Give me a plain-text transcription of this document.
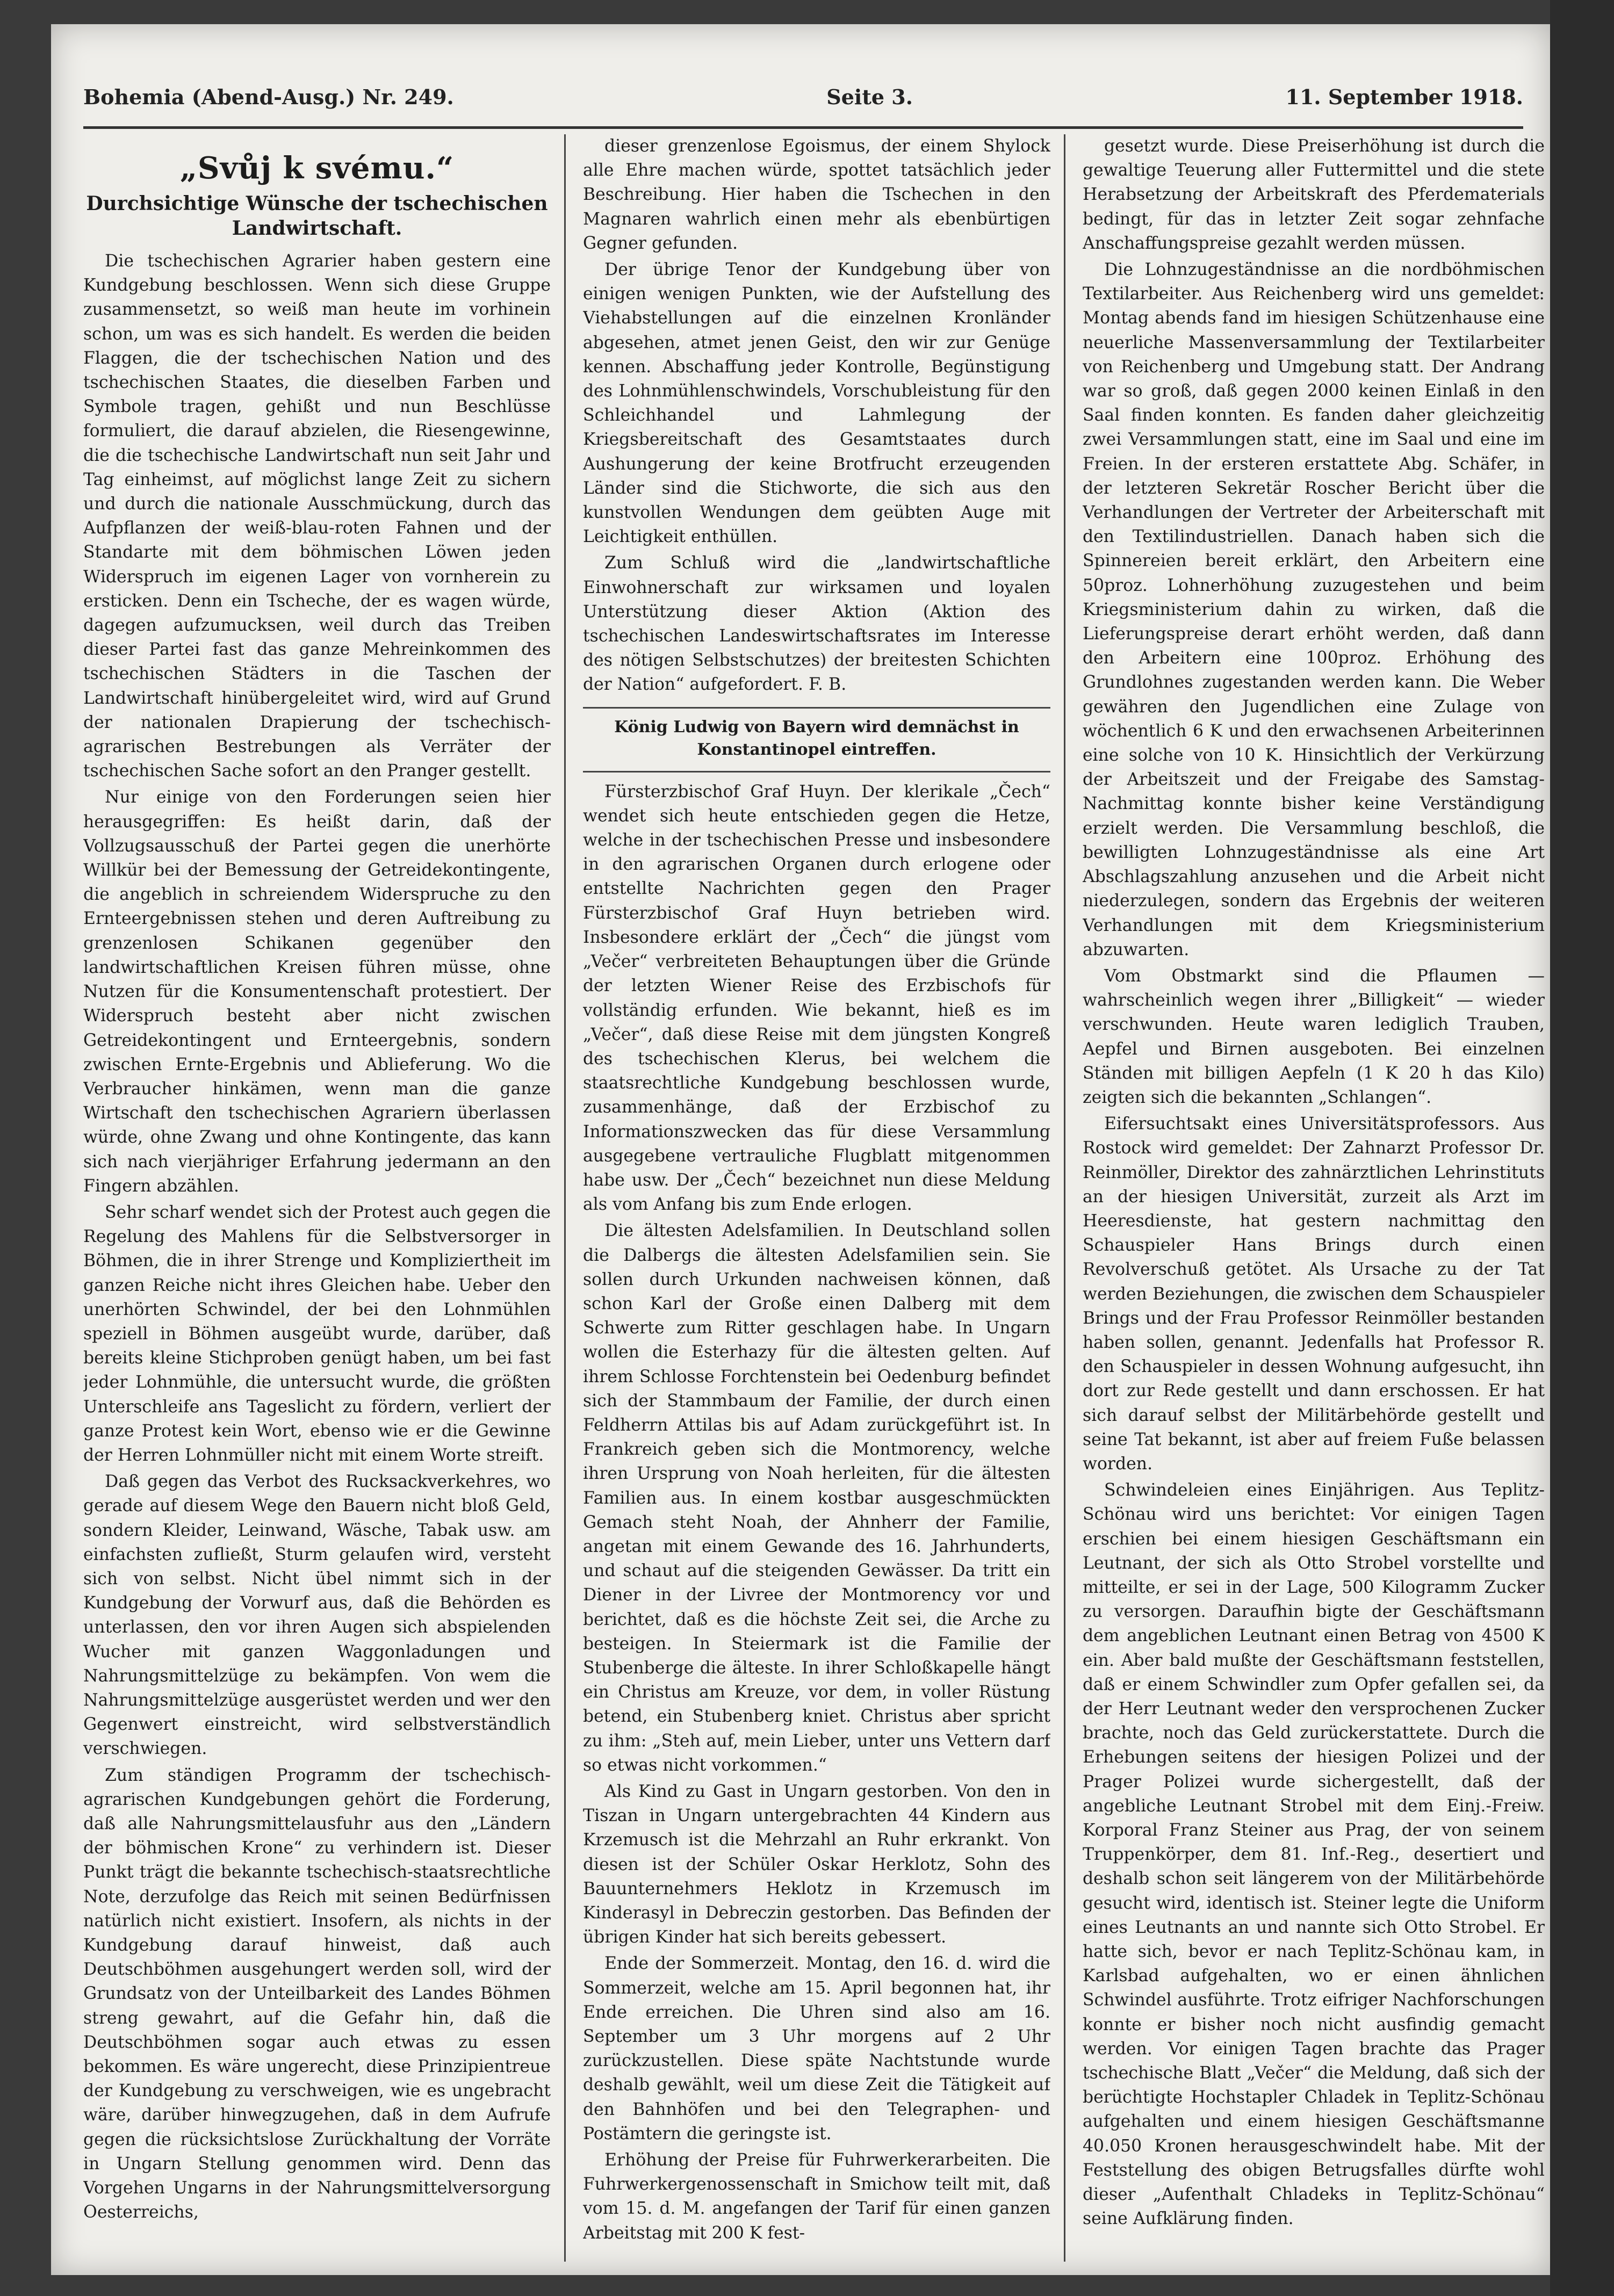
Bohemia (Abend-Ausg.) Nr. 249.	Seite 3.	11. September 1918.
„Svůj k svému.“
Durchsichtige Wünsche der tschechischen Landwirtschaft.

Die tschechischen Agrarier haben gestern eine Kundgebung beschlossen. Wenn sich diese Gruppe zusammensetzt, so weiß man heute im vorhinein schon, um was es sich handelt. Es werden die beiden Flaggen, die der tschechischen Nation und des tschechischen Staates, die dieselben Farben und Symbole tragen, gehißt und nun Beschlüsse formuliert, die darauf abzielen, die Riesengewinne, die die tschechische Landwirtschaft nun seit Jahr und Tag einheimst, auf möglichst lange Zeit zu sichern und durch die nationale Ausschmückung, durch das Aufpflanzen der weiß-blau-roten Fahnen und der Standarte mit dem böhmischen Löwen jeden Widerspruch im eigenen Lager von vornherein zu ersticken. Denn ein Tscheche, der es wagen würde, dagegen aufzumucksen, weil durch das Treiben dieser Partei fast das ganze Mehreinkommen des tschechischen Städters in die Taschen der Landwirtschaft hinübergeleitet wird, wird auf Grund der nationalen Drapierung der tschechisch-agrarischen Bestrebungen als Verräter der tschechischen Sache sofort an den Pranger gestellt.

Nur einige von den Forderungen seien hier herausgegriffen: Es heißt darin, daß der Vollzugsausschuß der Partei gegen die unerhörte Willkür bei der Bemessung der Getreidekontingente, die angeblich in schreiendem Widerspruche zu den Ernteergebnissen stehen und deren Auftreibung zu grenzenlosen Schikanen gegenüber den landwirtschaftlichen Kreisen führen müsse, ohne Nutzen für die Konsumentenschaft protestiert. Der Widerspruch besteht aber nicht zwischen Getreidekontingent und Ernteergebnis, sondern zwischen Ernte-Ergebnis und Ablieferung. Wo die Verbraucher hinkämen, wenn man die ganze Wirtschaft den tschechischen Agrariern überlassen würde, ohne Zwang und ohne Kontingente, das kann sich nach vierjähriger Erfahrung jedermann an den Fingern abzählen.

Sehr scharf wendet sich der Protest auch gegen die Regelung des Mahlens für die Selbstversorger in Böhmen, die in ihrer Strenge und Kompliziertheit im ganzen Reiche nicht ihres Gleichen habe. Ueber den unerhörten Schwindel, der bei den Lohnmühlen speziell in Böhmen ausgeübt wurde, darüber, daß bereits kleine Stichproben genügt haben, um bei fast jeder Lohnmühle, die untersucht wurde, die größten Unterschleife ans Tageslicht zu fördern, verliert der ganze Protest kein Wort, ebenso wie er die Gewinne der Herren Lohnmüller nicht mit einem Worte streift.

Daß gegen das Verbot des Rucksackverkehres, wo gerade auf diesem Wege den Bauern nicht bloß Geld, sondern Kleider, Leinwand, Wäsche, Tabak usw. am einfachsten zufließt, Sturm gelaufen wird, versteht sich von selbst. Nicht übel nimmt sich in der Kundgebung der Vorwurf aus, daß die Behörden es unterlassen, den vor ihren Augen sich abspielenden Wucher mit ganzen Waggonladungen und Nahrungsmittelzüge zu bekämpfen. Von wem die Nahrungsmittelzüge ausgerüstet werden und wer den Gegenwert einstreicht, wird selbstverständlich verschwiegen.

Zum ständigen Programm der tschechisch-agrarischen Kundgebungen gehört die Forderung, daß alle Nahrungsmittelausfuhr aus den „Ländern der böhmischen Krone“ zu verhindern ist. Dieser Punkt trägt die bekannte tschechisch-staatsrechtliche Note, derzufolge das Reich mit seinen Bedürfnissen natürlich nicht existiert. Insofern, als nichts in der Kundgebung darauf hinweist, daß auch Deutschböhmen ausgehungert werden soll, wird der Grundsatz von der Unteilbarkeit des Landes Böhmen streng gewahrt, auf die Gefahr hin, daß die Deutschböhmen sogar auch etwas zu essen bekommen. Es wäre ungerecht, diese Prinzipientreue der Kundgebung zu verschweigen, wie es ungebracht wäre, darüber hinwegzugehen, daß in dem Aufrufe gegen die rücksichtslose Zurückhaltung der Vorräte in Ungarn Stellung genommen wird. Denn das Vorgehen Ungarns in der Nahrungsmittelversorgung Oesterreichs,

dieser grenzenlose Egoismus, der einem Shylock alle Ehre machen würde, spottet tatsächlich jeder Beschreibung. Hier haben die Tschechen in den Magnaren wahrlich einen mehr als ebenbürtigen Gegner gefunden.

Der übrige Tenor der Kundgebung über von einigen wenigen Punkten, wie der Aufstellung des Viehabstellungen auf die einzelnen Kronländer abgesehen, atmet jenen Geist, den wir zur Genüge kennen. Abschaffung jeder Kontrolle, Begünstigung des Lohnmühlenschwindels, Vorschubleistung für den Schleichhandel und Lahmlegung der Kriegsbereitschaft des Gesamtstaates durch Aushungerung der keine Brotfrucht erzeugenden Länder sind die Stichworte, die sich aus den kunstvollen Wendungen dem geübten Auge mit Leichtigkeit enthüllen.

Zum Schluß wird die „landwirtschaftliche Einwohnerschaft zur wirksamen und loyalen Unterstützung dieser Aktion (Aktion des tschechischen Landeswirtschaftsrates im Interesse des nötigen Selbstschutzes) der breitesten Schichten der Nation“ aufgefordert. F. B.

König Ludwig von Bayern wird demnächst in Konstantinopel eintreffen.

Fürsterzbischof Graf Huyn. Der klerikale „Čech“ wendet sich heute entschieden gegen die Hetze, welche in der tschechischen Presse und insbesondere in den agrarischen Organen durch erlogene oder entstellte Nachrichten gegen den Prager Fürsterzbischof Graf Huyn betrieben wird. Insbesondere erklärt der „Čech“ die jüngst vom „Večer“ verbreiteten Behauptungen über die Gründe der letzten Wiener Reise des Erzbischofs für vollständig erfunden. Wie bekannt, hieß es im „Večer“, daß diese Reise mit dem jüngsten Kongreß des tschechischen Klerus, bei welchem die staatsrechtliche Kundgebung beschlossen wurde, zusammenhänge, daß der Erzbischof zu Informationszwecken das für diese Versammlung ausgegebene vertrauliche Flugblatt mitgenommen habe usw. Der „Čech“ bezeichnet nun diese Meldung als vom Anfang bis zum Ende erlogen.

Die ältesten Adelsfamilien. In Deutschland sollen die Dalbergs die ältesten Adelsfamilien sein. Sie sollen durch Urkunden nachweisen können, daß schon Karl der Große einen Dalberg mit dem Schwerte zum Ritter geschlagen habe. In Ungarn wollen die Esterhazy für die ältesten gelten. Auf ihrem Schlosse Forchtenstein bei Oedenburg befindet sich der Stammbaum der Familie, der durch einen Feldherrn Attilas bis auf Adam zurückgeführt ist. In Frankreich geben sich die Montmorency, welche ihren Ursprung von Noah herleiten, für die ältesten Familien aus. In einem kostbar ausgeschmückten Gemach steht Noah, der Ahnherr der Familie, angetan mit einem Gewande des 16. Jahrhunderts, und schaut auf die steigenden Gewässer. Da tritt ein Diener in der Livree der Montmorency vor und berichtet, daß es die höchste Zeit sei, die Arche zu besteigen. In Steiermark ist die Familie der Stubenberge die älteste. In ihrer Schloßkapelle hängt ein Christus am Kreuze, vor dem, in voller Rüstung betend, ein Stubenberg kniet. Christus aber spricht zu ihm: „Steh auf, mein Lieber, unter uns Vettern darf so etwas nicht vorkommen.“

Als Kind zu Gast in Ungarn gestorben. Von den in Tiszan in Ungarn untergebrachten 44 Kindern aus Krzemusch ist die Mehrzahl an Ruhr erkrankt. Von diesen ist der Schüler Oskar Herklotz, Sohn des Bauunternehmers Heklotz in Krzemusch im Kinderasyl in Debreczin gestorben. Das Befinden der übrigen Kinder hat sich bereits gebessert.

Ende der Sommerzeit. Montag, den 16. d. wird die Sommerzeit, welche am 15. April begonnen hat, ihr Ende erreichen. Die Uhren sind also am 16. September um 3 Uhr morgens auf 2 Uhr zurückzustellen. Diese späte Nachtstunde wurde deshalb gewählt, weil um diese Zeit die Tätigkeit auf den Bahnhöfen und bei den Telegraphen- und Postämtern die geringste ist.

Erhöhung der Preise für Fuhrwerkerarbeiten. Die Fuhrwerkergenossenschaft in Smichow teilt mit, daß vom 15. d. M. angefangen der Tarif für einen ganzen Arbeitstag mit 200 K fest-

gesetzt wurde. Diese Preiserhöhung ist durch die gewaltige Teuerung aller Futtermittel und die stete Herabsetzung der Arbeitskraft des Pferdematerials bedingt, für das in letzter Zeit sogar zehnfache Anschaffungspreise gezahlt werden müssen.

Die Lohnzugeständnisse an die nordböhmischen Textilarbeiter. Aus Reichenberg wird uns gemeldet: Montag abends fand im hiesigen Schützenhause eine neuerliche Massenversammlung der Textilarbeiter von Reichenberg und Umgebung statt. Der Andrang war so groß, daß gegen 2000 keinen Einlaß in den Saal finden konnten. Es fanden daher gleichzeitig zwei Versammlungen statt, eine im Saal und eine im Freien. In der ersteren erstattete Abg. Schäfer, in der letzteren Sekretär Roscher Bericht über die Verhandlungen der Vertreter der Arbeiterschaft mit den Textilindustriellen. Danach haben sich die Spinnereien bereit erklärt, den Arbeitern eine 50proz. Lohnerhöhung zuzugestehen und beim Kriegsministerium dahin zu wirken, daß die Lieferungspreise derart erhöht werden, daß dann den Arbeitern eine 100proz. Erhöhung des Grundlohnes zugestanden werden kann. Die Weber gewähren den Jugendlichen eine Zulage von wöchentlich 6 K und den erwachsenen Arbeiterinnen eine solche von 10 K. Hinsichtlich der Verkürzung der Arbeitszeit und der Freigabe des Samstag-Nachmittag konnte bisher keine Verständigung erzielt werden. Die Versammlung beschloß, die bewilligten Lohnzugeständnisse als eine Art Abschlagszahlung anzusehen und die Arbeit nicht niederzulegen, sondern das Ergebnis der weiteren Verhandlungen mit dem Kriegsministerium abzuwarten.

Vom Obstmarkt sind die Pflaumen — wahrscheinlich wegen ihrer „Billigkeit“ — wieder verschwunden. Heute waren lediglich Trauben, Aepfel und Birnen ausgeboten. Bei einzelnen Ständen mit billigen Aepfeln (1 K 20 h das Kilo) zeigten sich die bekannten „Schlangen“.

Eifersuchtsakt eines Universitätsprofessors. Aus Rostock wird gemeldet: Der Zahnarzt Professor Dr. Reinmöller, Direktor des zahnärztlichen Lehrinstituts an der hiesigen Universität, zurzeit als Arzt im Heeresdienste, hat gestern nachmittag den Schauspieler Hans Brings durch einen Revolverschuß getötet. Als Ursache zu der Tat werden Beziehungen, die zwischen dem Schauspieler Brings und der Frau Professor Reinmöller bestanden haben sollen, genannt. Jedenfalls hat Professor R. den Schauspieler in dessen Wohnung aufgesucht, ihn dort zur Rede gestellt und dann erschossen. Er hat sich darauf selbst der Militärbehörde gestellt und seine Tat bekannt, ist aber auf freiem Fuße belassen worden.

Schwindeleien eines Einjährigen. Aus Teplitz-Schönau wird uns berichtet: Vor einigen Tagen erschien bei einem hiesigen Geschäftsmann ein Leutnant, der sich als Otto Strobel vorstellte und mitteilte, er sei in der Lage, 500 Kilogramm Zucker zu versorgen. Daraufhin bigte der Geschäftsmann dem angeblichen Leutnant einen Betrag von 4500 K ein. Aber bald mußte der Geschäftsmann feststellen, daß er einem Schwindler zum Opfer gefallen sei, da der Herr Leutnant weder den versprochenen Zucker brachte, noch das Geld zurückerstattete. Durch die Erhebungen seitens der hiesigen Polizei und der Prager Polizei wurde sichergestellt, daß der angebliche Leutnant Strobel mit dem Einj.-Freiw. Korporal Franz Steiner aus Prag, der von seinem Truppenkörper, dem 81. Inf.-Reg., desertiert und deshalb schon seit längerem von der Militärbehörde gesucht wird, identisch ist. Steiner legte die Uniform eines Leutnants an und nannte sich Otto Strobel. Er hatte sich, bevor er nach Teplitz-Schönau kam, in Karlsbad aufgehalten, wo er einen ähnlichen Schwindel ausführte. Trotz eifriger Nachforschungen konnte er bisher noch nicht ausfindig gemacht werden. Vor einigen Tagen brachte das Prager tschechische Blatt „Večer“ die Meldung, daß sich der berüchtigte Hochstapler Chladek in Teplitz-Schönau aufgehalten und einem hiesigen Geschäftsmanne 40.050 Kronen herausgeschwindelt habe. Mit der Feststellung des obigen Betrugsfalles dürfte wohl dieser „Aufenthalt Chladeks in Teplitz-Schönau“ seine Aufklärung finden.
